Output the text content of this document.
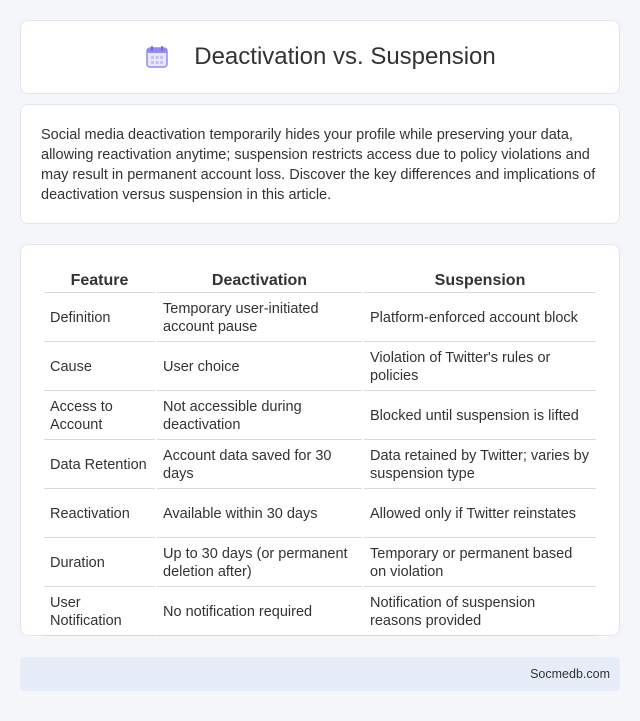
Deactivation vs. Suspension

Social media deactivation temporarily hides your profile while preserving your data, allowing reactivation anytime; suspension restricts access due to policy violations and may result in permanent account loss. Discover the key differences and implications of deactivation versus suspension in this article.

Feature	Deactivation	Suspension
Definition	Temporary user-initiated account pause	Platform-enforced account block
Cause	User choice	Violation of Twitter's rules or policies
Access to Account	Not accessible during deactivation	Blocked until suspension is lifted
Data Retention	Account data saved for 30 days	Data retained by Twitter; varies by suspension type
Reactivation	Available within 30 days	Allowed only if Twitter reinstates
Duration	Up to 30 days (or permanent deletion after)	Temporary or permanent based on violation
User Notification	No notification required	Notification of suspension reasons provided
Socmedb.com
